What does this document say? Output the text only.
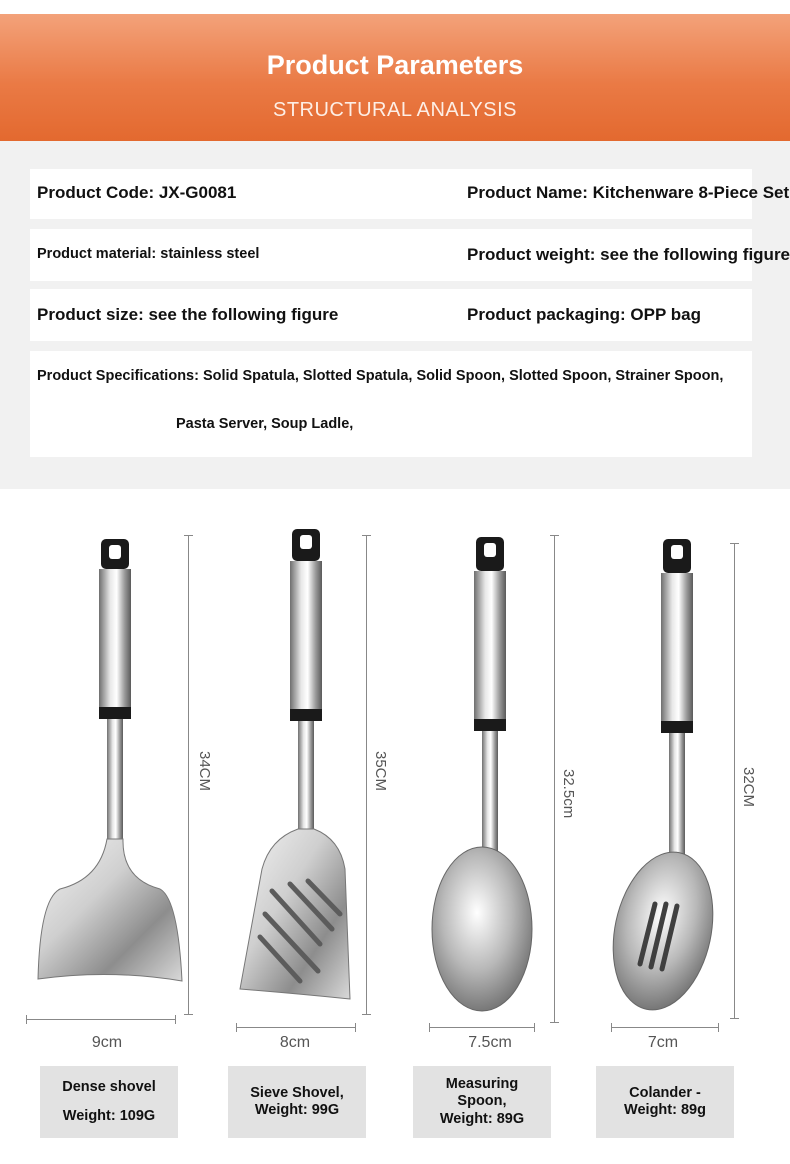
Product Parameters
STRUCTURAL ANALYSIS
Product Code: JX-G0081	Product Name: Kitchenware 8-Piece Set
Product material: stainless steel	Product weight: see the following figure
Product size: see the following figure	Product packaging: OPP bag
Product Specifications: Solid Spatula, Slotted Spatula, Solid Spoon, Slotted Spoon, Strainer Spoon,
Pasta Server, Soup Ladle,
34CM
9cm
35CM
8cm
32.5cm
7.5cm
32CM
7cm
Dense shovel
Weight: 109G
Sieve Shovel,
Weight: 99G
Measuring Spoon,
Weight: 89G
Colander -
Weight: 89g
